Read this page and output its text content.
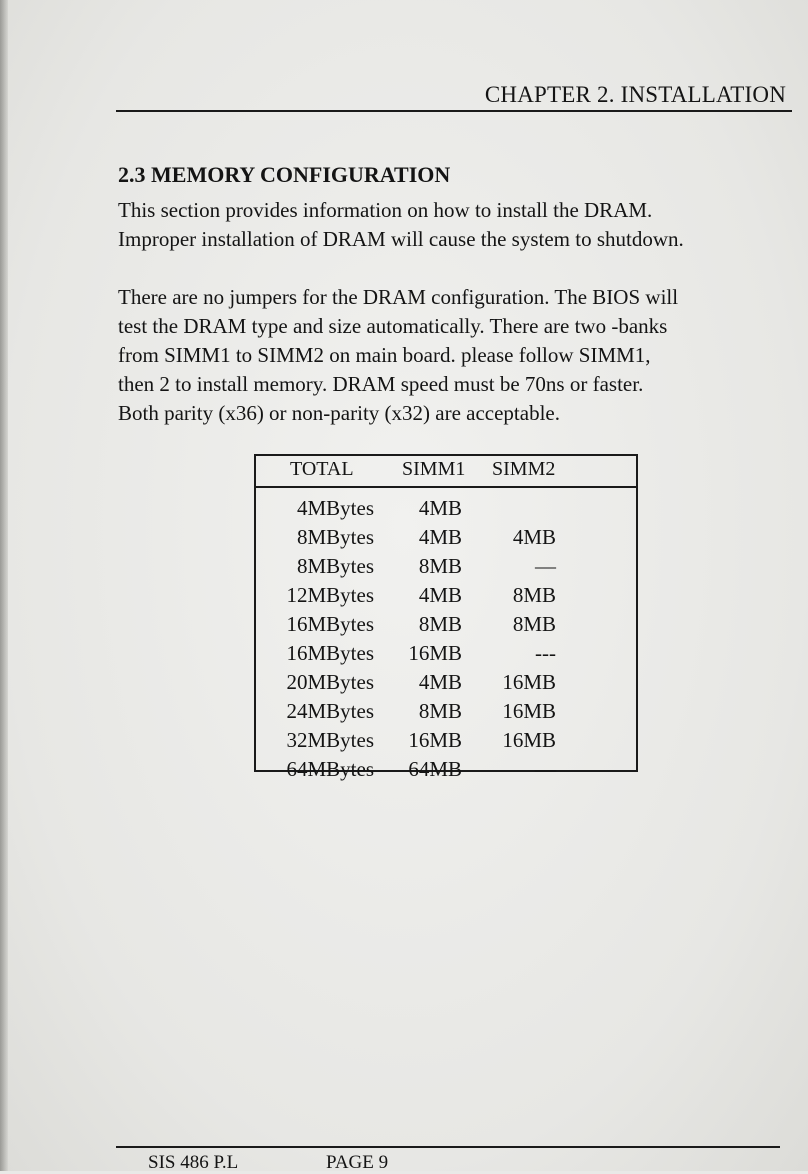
CHAPTER 2. INSTALLATION
2.3 MEMORY CONFIGURATION
This section provides information on how to install the DRAM.
Improper installation of DRAM will cause the system to shutdown.
There are no jumpers for the DRAM configuration. The BIOS will
test the DRAM type and size automatically. There are two -banks
from SIMM1 to SIMM2 on main board. please follow SIMM1,
then 2 to install memory. DRAM speed must be 70ns or faster.
Both parity (x36) or non-parity (x32) are acceptable.
TOTAL SIMM1 SIMM2
4MBytes 4MB
8MBytes 4MB 4MB
8MBytes 8MB	—
12MBytes 4MB 8MB
16MBytes 8MB 8MB
16MBytes 16MB	---
20MBytes 4MB 16MB
24MBytes 8MB 16MB
32MBytes 16MB 16MB
64MBytes 64MB	—
SIS 486 P.L	PAGE 9
